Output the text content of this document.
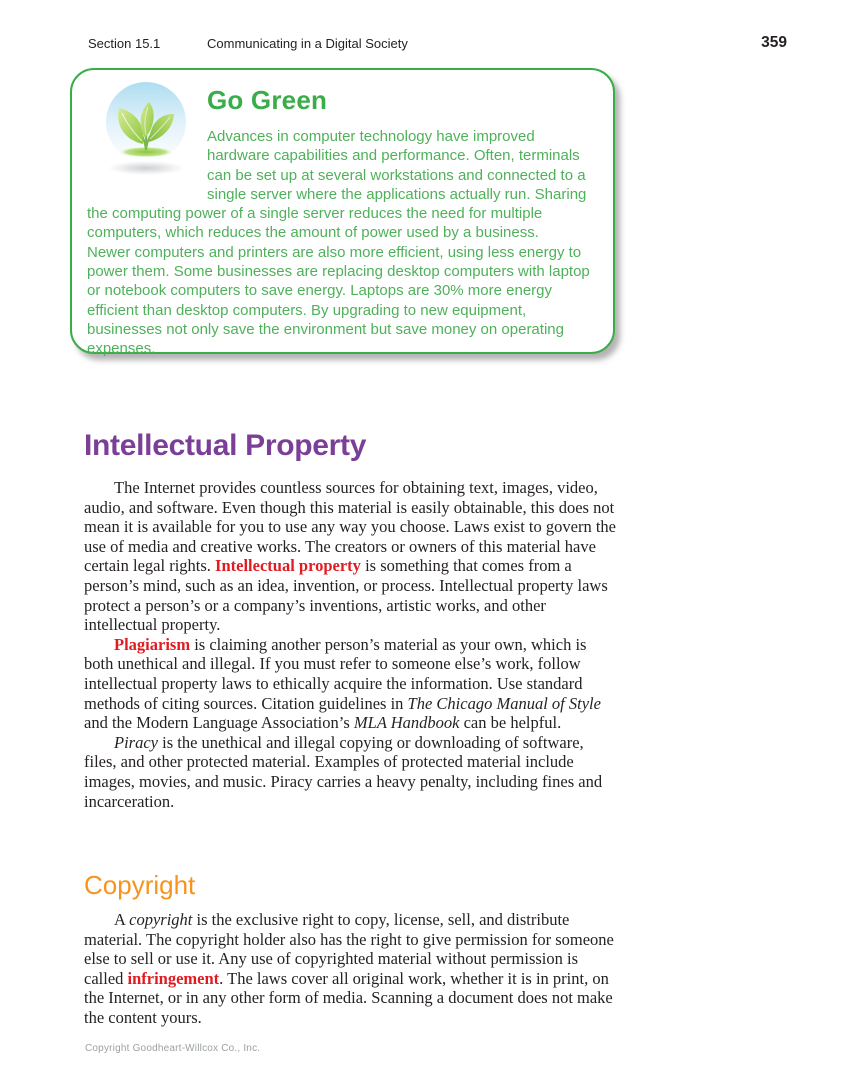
Section 15.1	Communicating in a Digital Society	359
Go Green

Advances in computer technology have improved hardware capabilities and performance. Often, terminals can be set up at several workstations and connected to a single server where the applications actually run. Sharing the computing power of a single server reduces the need for multiple computers, which reduces the amount of power used by a business.

Newer computers and printers are also more efficient, using less energy to power them. Some businesses are replacing desktop computers with laptop or notebook computers to save energy. Laptops are 30% more energy efficient than desktop computers. By upgrading to new equipment, businesses not only save the environment but save money on operating expenses.

Intellectual Property

The Internet provides countless sources for obtaining text, images, video, audio, and software. Even though this material is easily obtainable, this does not mean it is available for you to use any way you choose. Laws exist to govern the use of media and creative works. The creators or owners of this material have certain legal rights. Intellectual property is something that comes from a person’s mind, such as an idea, invention, or process. Intellectual property laws protect a person’s or a company’s inventions, artistic works, and other intellectual property.

Plagiarism is claiming another person’s material as your own, which is both unethical and illegal. If you must refer to someone else’s work, follow intellectual property laws to ethically acquire the information. Use standard methods of citing sources. Citation guidelines in The Chicago Manual of Style and the Modern Language Association’s MLA Handbook can be helpful.

Piracy is the unethical and illegal copying or downloading of software, files, and other protected material. Examples of protected material include images, movies, and music. Piracy carries a heavy penalty, including fines and incarceration.

Copyright

A copyright is the exclusive right to copy, license, sell, and distribute material. The copyright holder also has the right to give permission for someone else to sell or use it. Any use of copyrighted material without permission is called infringement. The laws cover all original work, whether it is in print, on the Internet, or in any other form of media. Scanning a document does not make the content yours.

Copyright Goodheart-Willcox Co., Inc.
